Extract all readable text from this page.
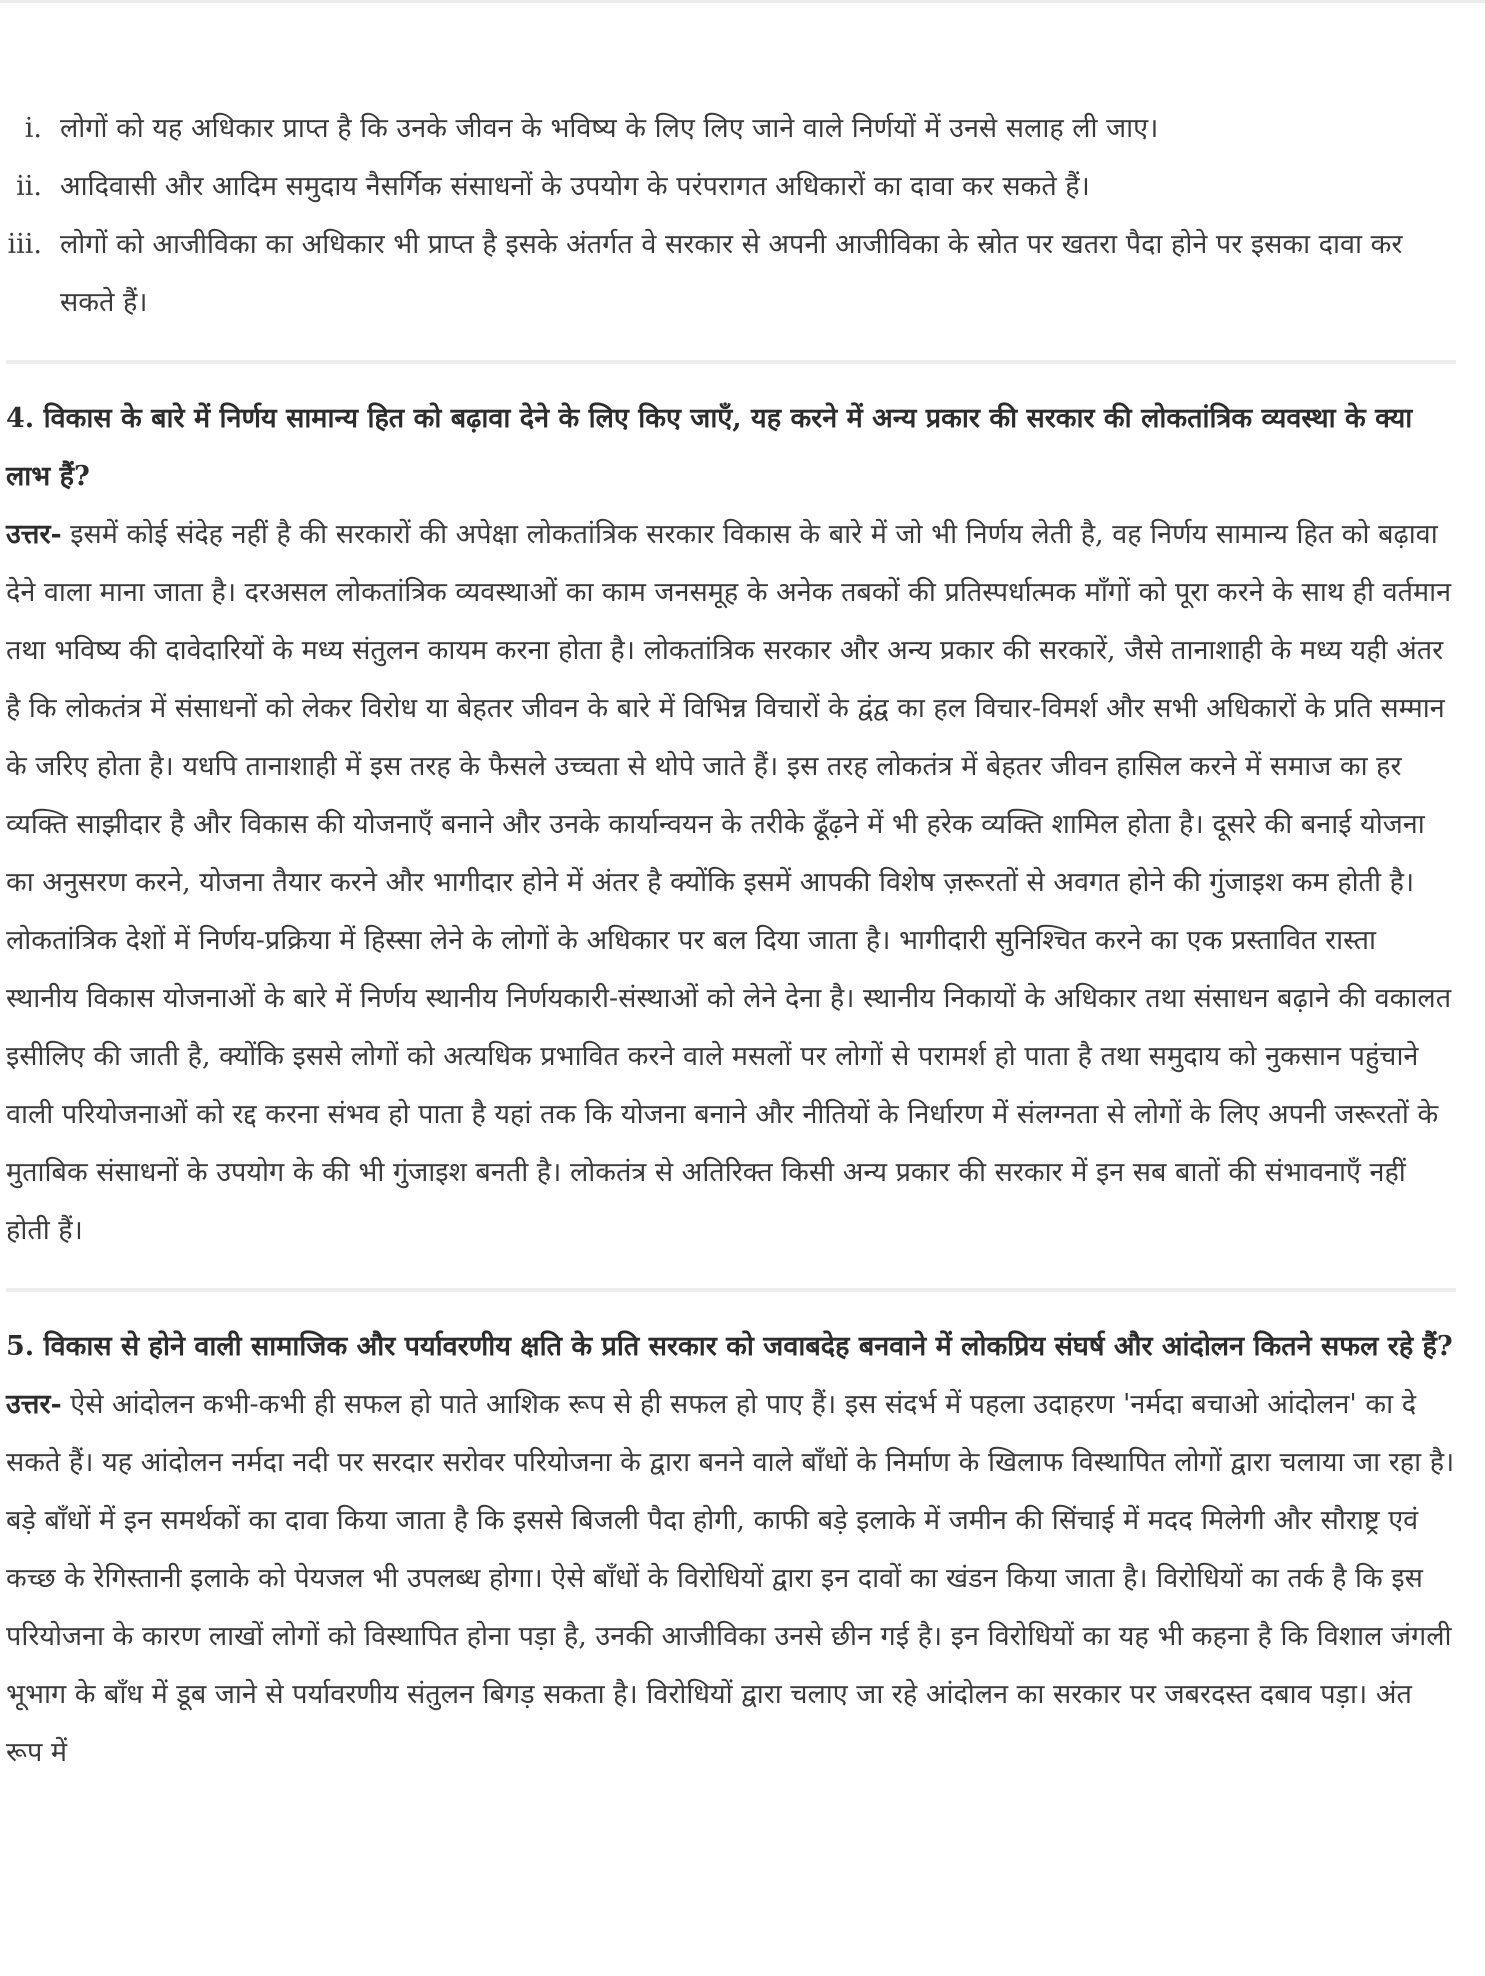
i. लोगों को यह अधिकार प्राप्त है कि उनके जीवन के भविष्य के लिए लिए जाने वाले निर्णयों में उनसे सलाह ली जाए।
ii. आदिवासी और आदिम समुदाय नैसर्गिक संसाधनों के उपयोग के परंपरागत अधिकारों का दावा कर सकते हैं।
iii. लोगों को आजीविका का अधिकार भी प्राप्त है इसके अंतर्गत वे सरकार से अपनी आजीविका के स्रोत पर खतरा पैदा होने पर इसका दावा कर सकते हैं।

4. विकास के बारे में निर्णय सामान्य हित को बढ़ावा देने के लिए किए जाएँ, यह करने में अन्य प्रकार की सरकार की लोकतांत्रिक व्यवस्था के क्या लाभ हैं?

उत्तर- इसमें कोई संदेह नहीं है की सरकारों की अपेक्षा लोकतांत्रिक सरकार विकास के बारे में जो भी निर्णय लेती है, वह निर्णय सामान्य हित को बढ़ावा देने वाला माना जाता है। दरअसल लोकतांत्रिक व्यवस्थाओं का काम जनसमूह के अनेक तबकों की प्रतिस्पर्धात्मक माँगों को पूरा करने के साथ ही वर्तमान तथा भविष्य की दावेदारियों के मध्य संतुलन कायम करना होता है। लोकतांत्रिक सरकार और अन्य प्रकार की सरकारें, जैसे तानाशाही के मध्य यही अंतर है कि लोकतंत्र में संसाधनों को लेकर विरोध या बेहतर जीवन के बारे में विभिन्न विचारों के द्वंद्व का हल विचार-विमर्श और सभी अधिकारों के प्रति सम्मान के जरिए होता है। यधपि तानाशाही में इस तरह के फैसले उच्चता से थोपे जाते हैं। इस तरह लोकतंत्र में बेहतर जीवन हासिल करने में समाज का हर व्यक्ति साझीदार है और विकास की योजनाएँ बनाने और उनके कार्यान्वयन के तरीके ढूँढ़ने में भी हरेक व्यक्ति शामिल होता है। दूसरे की बनाई योजना का अनुसरण करने, योजना तैयार करने और भागीदार होने में अंतर है क्योंकि इसमें आपकी विशेष ज़रूरतों से अवगत होने की गुंजाइश कम होती है।

लोकतांत्रिक देशों में निर्णय-प्रक्रिया में हिस्सा लेने के लोगों के अधिकार पर बल दिया जाता है। भागीदारी सुनिश्चित करने का एक प्रस्तावित रास्ता स्थानीय विकास योजनाओं के बारे में निर्णय स्थानीय निर्णयकारी-संस्थाओं को लेने देना है। स्थानीय निकायों के अधिकार तथा संसाधन बढ़ाने की वकालत इसीलिए की जाती है, क्योंकि इससे लोगों को अत्यधिक प्रभावित करने वाले मसलों पर लोगों से परामर्श हो पाता है तथा समुदाय को नुकसान पहुंचाने वाली परियोजनाओं को रद्द करना संभव हो पाता है यहां तक कि योजना बनाने और नीतियों के निर्धारण में संलग्नता से लोगों के लिए अपनी जरूरतों के मुताबिक संसाधनों के उपयोग के की भी गुंजाइश बनती है। लोकतंत्र से अतिरिक्त किसी अन्य प्रकार की सरकार में इन सब बातों की संभावनाएँ नहीं होती हैं।

5. विकास से होने वाली सामाजिक और पर्यावरणीय क्षति के प्रति सरकार को जवाबदेह बनवाने में लोकप्रिय संघर्ष और आंदोलन कितने सफल रहे हैं?

उत्तर- ऐसे आंदोलन कभी-कभी ही सफल हो पाते आशिक रूप से ही सफल हो पाए हैं। इस संदर्भ में पहला उदाहरण 'नर्मदा बचाओ आंदोलन' का दे सकते हैं। यह आंदोलन नर्मदा नदी पर सरदार सरोवर परियोजना के द्वारा बनने वाले बाँधों के निर्माण के खिलाफ विस्थापित लोगों द्वारा चलाया जा रहा है। बड़े बाँधों में इन समर्थकों का दावा किया जाता है कि इससे बिजली पैदा होगी, काफी बड़े इलाके में जमीन की सिंचाई में मदद मिलेगी और सौराष्ट्र एवं कच्छ के रेगिस्तानी इलाके को पेयजल भी उपलब्ध होगा। ऐसे बाँधों के विरोधियों द्वारा इन दावों का खंडन किया जाता है। विरोधियों का तर्क है कि इस परियोजना के कारण लाखों लोगों को विस्थापित होना पड़ा है, उनकी आजीविका उनसे छीन गई है। इन विरोधियों का यह भी कहना है कि विशाल जंगली भूभाग के बाँध में डूब जाने से पर्यावरणीय संतुलन बिगड़ सकता है। विरोधियों द्वारा चलाए जा रहे आंदोलन का सरकार पर जबरदस्त दबाव पड़ा। अंत रूप में
